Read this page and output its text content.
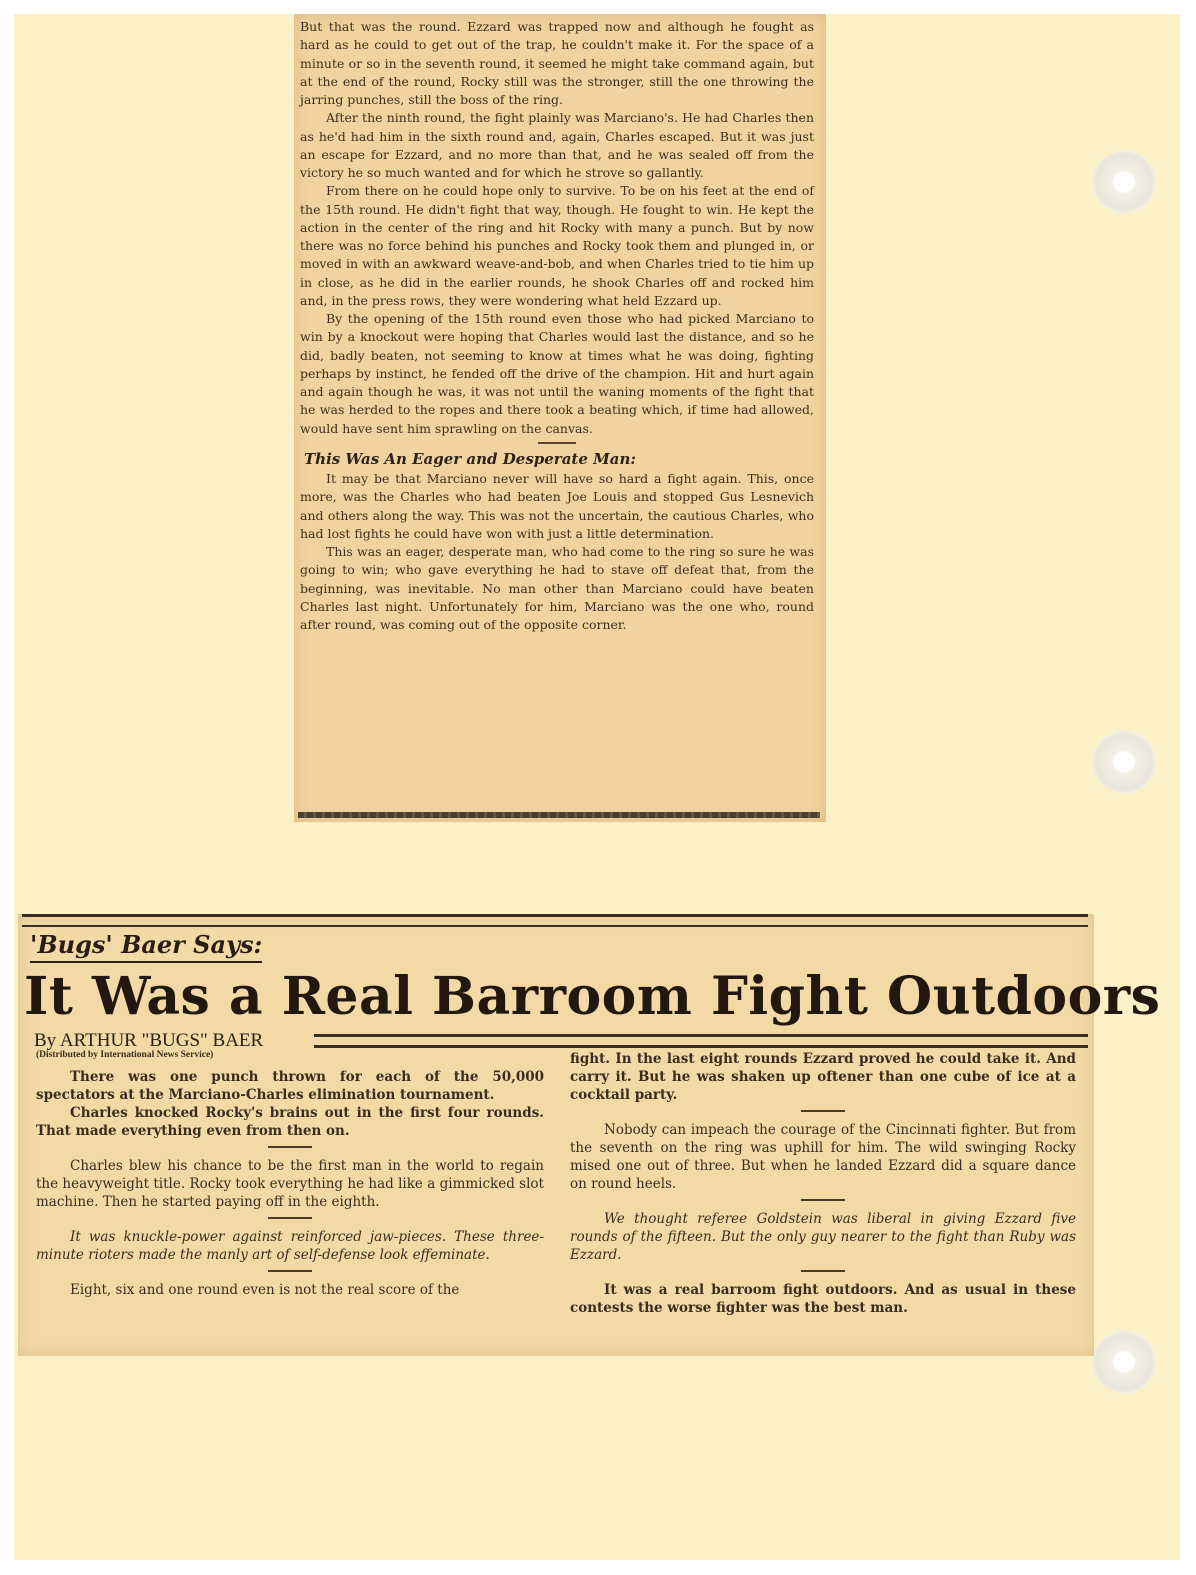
But that was the round. Ezzard was trapped now and although he fought as hard as he could to get out of the trap, he couldn't make it. For the space of a minute or so in the seventh round, it seemed he might take command again, but at the end of the round, Rocky still was the stronger, still the one throwing the jarring punches, still the boss of the ring.

After the ninth round, the fight plainly was Marciano's. He had Charles then as he'd had him in the sixth round and, again, Charles escaped. But it was just an escape for Ezzard, and no more than that, and he was sealed off from the victory he so much wanted and for which he strove so gallantly.

From there on he could hope only to survive. To be on his feet at the end of the 15th round. He didn't fight that way, though. He fought to win. He kept the action in the center of the ring and hit Rocky with many a punch. But by now there was no force behind his punches and Rocky took them and plunged in, or moved in with an awkward weave-and-bob, and when Charles tried to tie him up in close, as he did in the earlier rounds, he shook Charles off and rocked him and, in the press rows, they were wondering what held Ezzard up.

By the opening of the 15th round even those who had picked Marciano to win by a knockout were hoping that Charles would last the distance, and so he did, badly beaten, not seeming to know at times what he was doing, fighting perhaps by instinct, he fended off the drive of the champion. Hit and hurt again and again though he was, it was not until the waning moments of the fight that he was herded to the ropes and there took a beating which, if time had allowed, would have sent him sprawling on the canvas.

This Was An Eager and Desperate Man:

It may be that Marciano never will have so hard a fight again. This, once more, was the Charles who had beaten Joe Louis and stopped Gus Lesnevich and others along the way. This was not the uncertain, the cautious Charles, who had lost fights he could have won with just a little determination.

This was an eager, desperate man, who had come to the ring so sure he was going to win; who gave everything he had to stave off defeat that, from the beginning, was inevitable. No man other than Marciano could have beaten Charles last night. Unfortunately for him, Marciano was the one who, round after round, was coming out of the opposite corner.

'Bugs' Baer Says:
It Was a Real Barroom Fight Outdoors
By ARTHUR "BUGS" BAER
(Distributed by International News Service)

There was one punch thrown for each of the 50,000 spectators at the Marciano-Charles elimination tournament.

Charles knocked Rocky's brains out in the first four rounds. That made everything even from then on.

Charles blew his chance to be the first man in the world to regain the heavyweight title. Rocky took everything he had like a gimmicked slot machine. Then he started paying off in the eighth.

It was knuckle-power against reinforced jaw-pieces. These three-minute rioters made the manly art of self-defense look effeminate.

Eight, six and one round even is not the real score of the

fight. In the last eight rounds Ezzard proved he could take it. And carry it. But he was shaken up oftener than one cube of ice at a cocktail party.

Nobody can impeach the courage of the Cincinnati fighter. But from the seventh on the ring was uphill for him. The wild swinging Rocky mised one out of three. But when he landed Ezzard did a square dance on round heels.

We thought referee Goldstein was liberal in giving Ezzard five rounds of the fifteen. But the only guy nearer to the fight than Ruby was Ezzard.

It was a real barroom fight outdoors. And as usual in these contests the worse fighter was the best man.
